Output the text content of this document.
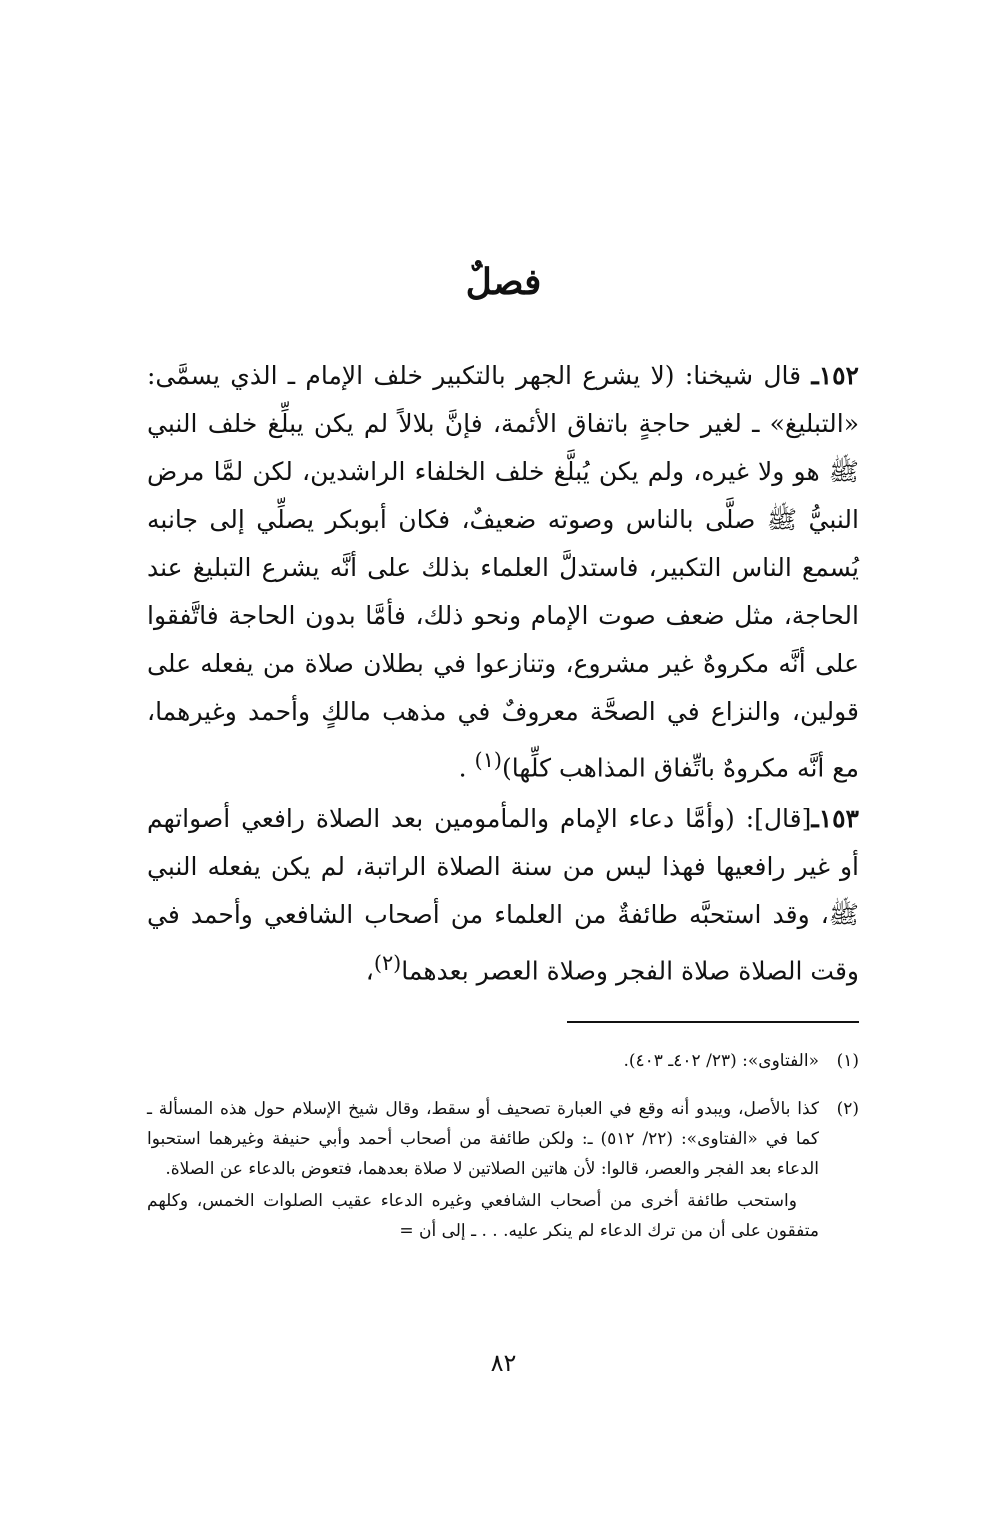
فصلٌ
١٥٢ـ قال شيخنا: (لا يشرع الجهر بالتكبير خلف الإمام ـ الذي يسمَّى: «التبليغ» ـ لغير حاجةٍ باتفاق الأئمة، فإنَّ بلالاً لم يكن يبلِّغ خلف النبي ﷺ هو ولا غيره، ولم يكن يُبلَّغ خلف الخلفاء الراشدين، لكن لمَّا مرض النبيُّ ﷺ صلَّى بالناس وصوته ضعيفٌ، فكان أبوبكر يصلِّي إلى جانبه يُسمع الناس التكبير، فاستدلَّ العلماء بذلك على أنَّه يشرع التبليغ عند الحاجة، مثل ضعف صوت الإمام ونحو ذلك، فأمَّا بدون الحاجة فاتَّفقوا على أنَّه مكروهٌ غير مشروع، وتنازعوا في بطلان صلاة من يفعله على قولين، والنزاع في الصحَّة معروفٌ في مذهب مالكٍ وأحمد وغيرهما، مع أنَّه مكروهٌ باتِّفاق المذاهب كلِّها)$^{(١)}$ .
١٥٣ـ[قال]: (وأمَّا دعاء الإمام والمأمومين بعد الصلاة رافعي أصواتهم أو غير رافعيها فهذا ليس من سنة الصلاة الراتبة، لم يكن يفعله النبي ﷺ، وقد استحبَّه طائفةٌ من العلماء من أصحاب الشافعي وأحمد في وقت الصلاة صلاة الفجر وصلاة العصر بعدهما$^{(٢)}$،
(١)
«الفتاوى»: (٢٣/ ٤٠٢ـ ٤٠٣).
(٢)
كذا بالأصل، ويبدو أنه وقع في العبارة تصحيف أو سقط، وقال شيخ الإسلام حول هذه المسألة ـ كما في «الفتاوى»: (٢٢/ ٥١٢) ـ: ولكن طائفة من أصحاب أحمد وأبي حنيفة وغيرهما استحبوا الدعاء بعد الفجر والعصر، قالوا: لأن هاتين الصلاتين لا صلاة بعدهما، فتعوض بالدعاء عن الصلاة.
واستحب طائفة أخرى من أصحاب الشافعي وغيره الدعاء عقيب الصلوات الخمس، وكلهم متفقون على أن من ترك الدعاء لم ينكر عليه. . . ـ إلى أن =
٨٢
